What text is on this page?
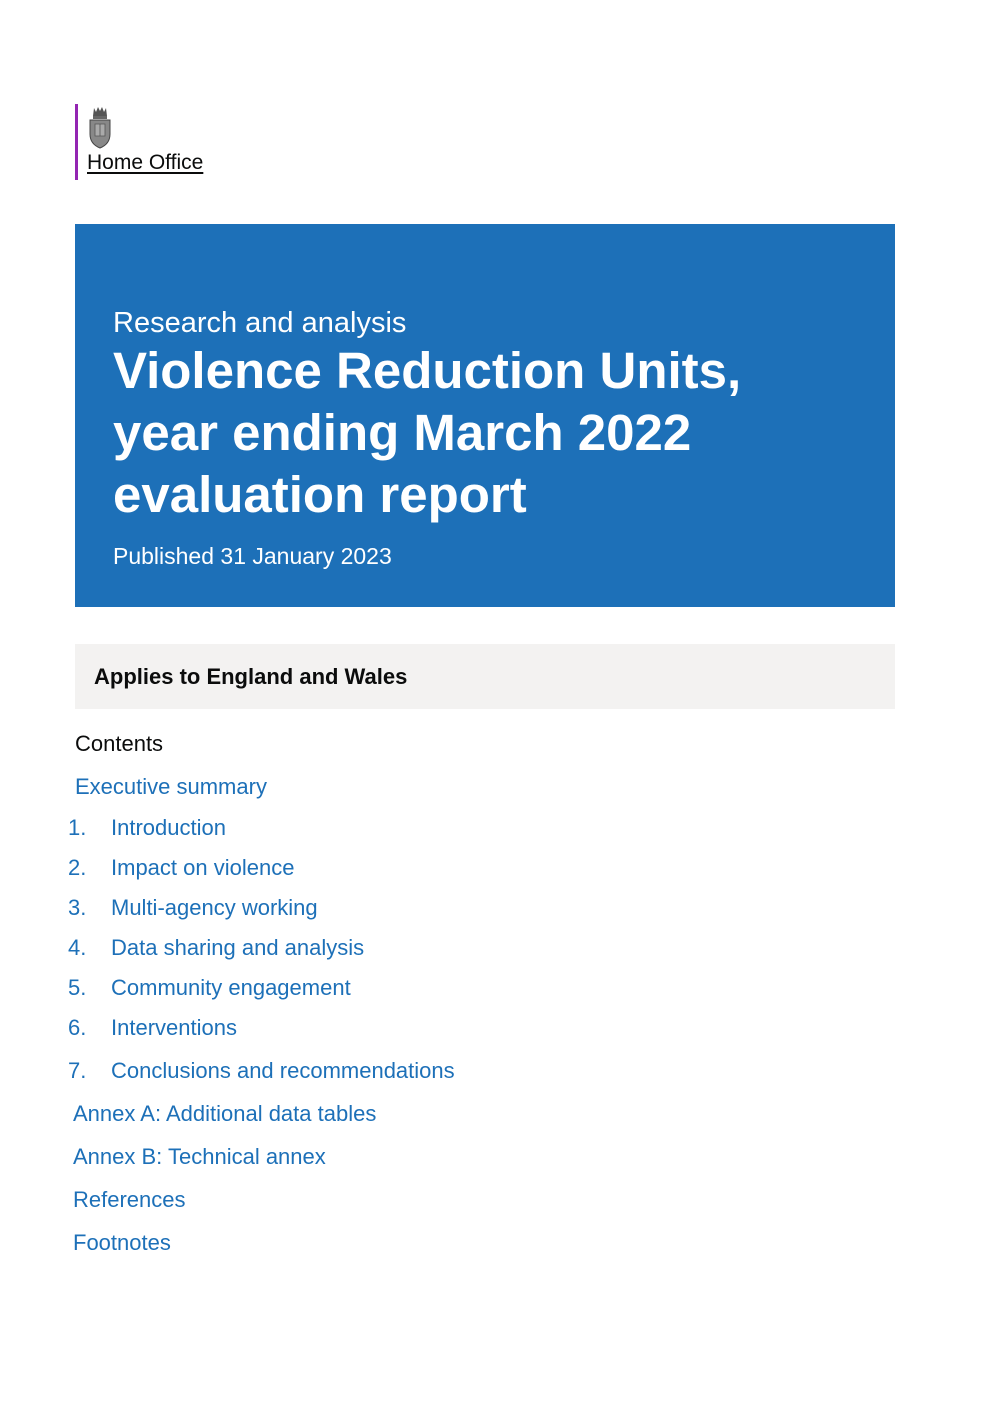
Home Office
Research and analysis
Violence Reduction Units, year ending March 2022 evaluation report
Published 31 January 2023
Applies to England and Wales
Contents
Executive summary
1. Introduction
2. Impact on violence
3. Multi-agency working
4. Data sharing and analysis
5. Community engagement
6. Interventions
7. Conclusions and recommendations
Annex A: Additional data tables
Annex B: Technical annex
References
Footnotes
